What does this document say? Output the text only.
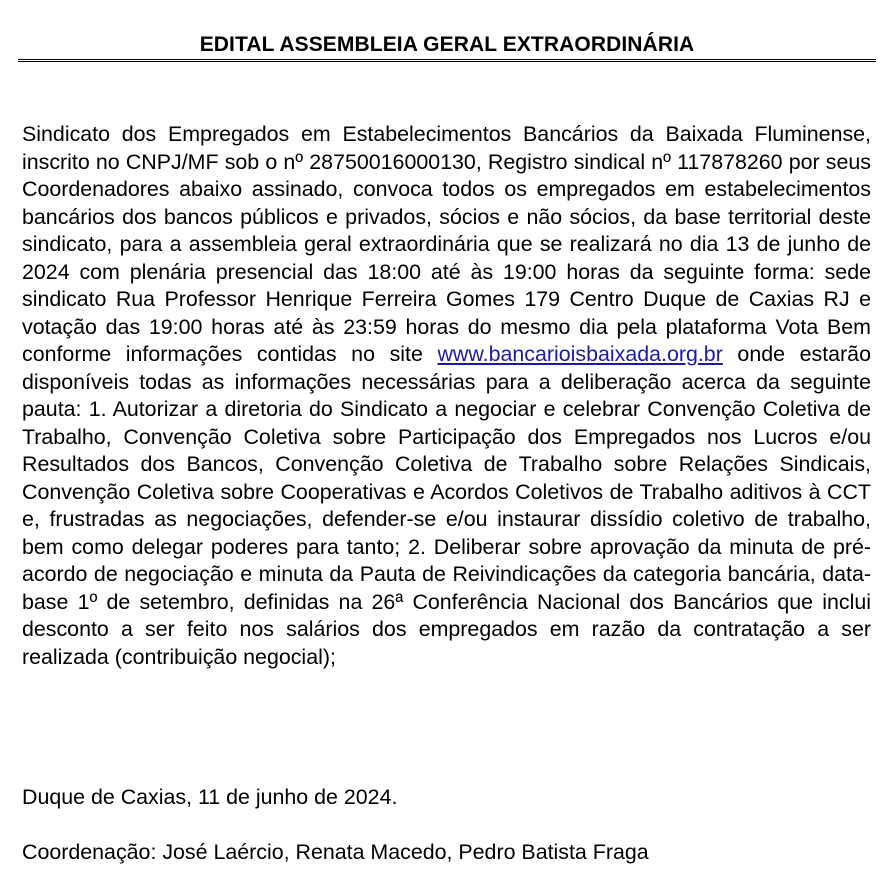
EDITAL ASSEMBLEIA GERAL EXTRAORDINÁRIA

Sindicato dos Empregados em Estabelecimentos Bancários da Baixada Fluminense, inscrito no CNPJ/MF sob o nº 28750016000130, Registro sindical nº 117878260 por seus Coordenadores abaixo assinado, convoca todos os empregados em estabelecimentos bancários dos bancos públicos e privados, sócios e não sócios, da base territorial deste sindicato, para a assembleia geral extraordinária que se realizará no dia 13 de junho de 2024 com plenária presencial das 18:00 até às 19:00 horas da seguinte forma: sede sindicato Rua Professor Henrique Ferreira Gomes 179 Centro Duque de Caxias RJ e votação das 19:00 horas até às 23:59 horas do mesmo dia pela plataforma Vota Bem conforme informações contidas no site www.bancarioisbaixada.org.br onde estarão disponíveis todas as informações necessárias para a deliberação acerca da seguinte pauta: 1. Autorizar a diretoria do Sindicato a negociar e celebrar Convenção Coletiva de Trabalho, Convenção Coletiva sobre Participação dos Empregados nos Lucros e/ou Resultados dos Bancos, Convenção Coletiva de Trabalho sobre Relações Sindicais, Convenção Coletiva sobre Cooperativas e Acordos Coletivos de Trabalho aditivos à CCT e, frustradas as negociações, defender-se e/ou instaurar dissídio coletivo de trabalho, bem como delegar poderes para tanto; 2. Deliberar sobre aprovação da minuta de pré-acordo de negociação e minuta da Pauta de Reivindicações da categoria bancária, data-base 1º de setembro, definidas na 26ª Conferência Nacional dos Bancários que inclui desconto a ser feito nos salários dos empregados em razão da contratação a ser realizada (contribuição negocial);

Duque de Caxias, 11 de junho de 2024.
Coordenação: José Laércio, Renata Macedo, Pedro Batista Fraga
